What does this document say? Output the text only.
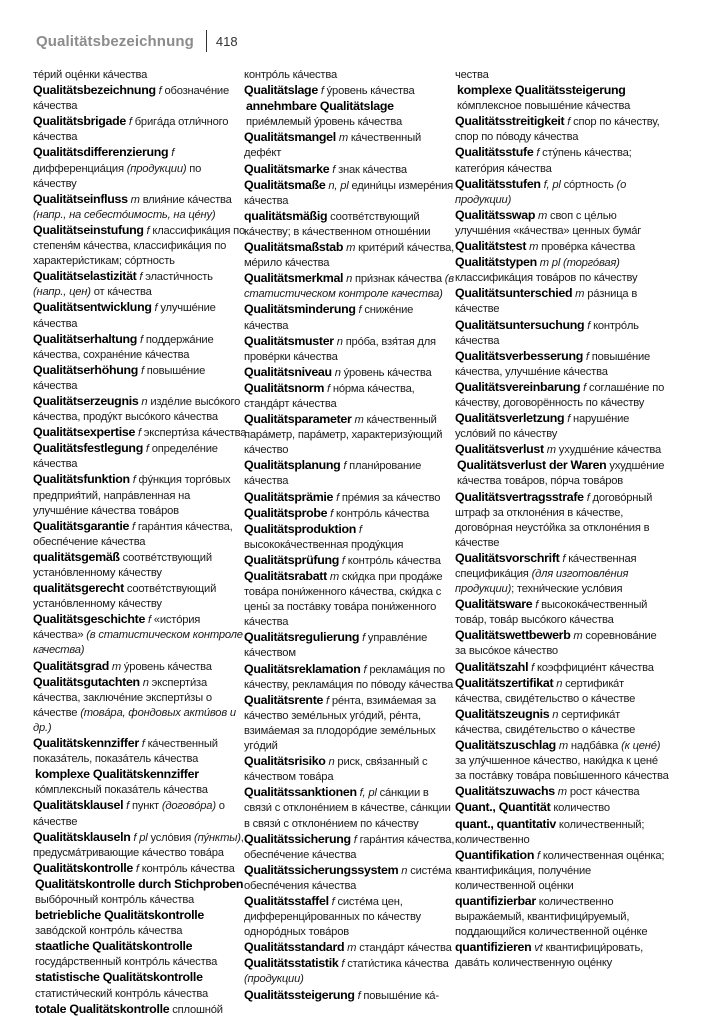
Qualitätsbezeichnung 418

тéрий оцéнки кáчества

Qualitätsbezeichnung f обозначéние кáчества

Qualitätsbrigade f бригáда отли́чного кáчества

Qualitätsdifferenzierung f дифференциáция (продукции) по кáчеству

Qualitätseinfluss m влия́ние кáчества (напр., на себестóимость, на цéну)

Qualitätseinstufung f классификáция по степеня́м кáчества, классификáция по характери́стикам; сóртность

Qualitätselastizität f эласти́чность (напр., цен) от кáчества

Qualitätsentwicklung f улучшéние кáчества

Qualitätserhaltung f поддержáние кáчества, сохранéние кáчества

Qualitätserhöhung f повышéние кáчества

Qualitätserzeugnis n издéлие высóкого кáчества, продýкт высóкого кáчества

Qualitätsexpertise f эксперти́за кáчества

Qualitätsfestlegung f определéние кáчества

Qualitätsfunktion f фýнкция торгóвых предприя́тий, напрáвленная на улучшéние кáчества товáров

Qualitätsgarantie f гарáнтия кáчества, обеспéчение кáчества

qualitätsgemäß соотвéтствующий устанóвленному кáчеству

qualitätsgerecht соотвéтствующий устанóвленному кáчеству

Qualitätsgeschichte f «истóрия кáчества» (в статистическом контроле качества)

Qualitätsgrad m ýровень кáчества

Qualitätsgutachten n эксперти́за кáчества, заключéние эксперти́зы о кáчестве (товáра, фондовых акти́вов и др.)

Qualitätskennziffer f кáчественный показáтель, показáтель кáчества

komplexe Qualitätskennziffer кóмплексный показáтель кáчества

Qualitätsklausel f пункт (договóра) о кáчестве

Qualitätsklauseln f pl услóвия (пýнкты), предусмáтривающие кáчество товáра

Qualitätskontrolle f контрóль кáчества

Qualitätskontrolle durch Stichproben выбóрочный контрóль кáчества

betriebliche Qualitätskontrolle завóдской контрóль кáчества

staatliche Qualitätskontrolle госудáрственный контрóль кáчества

statistische Qualitätskontrolle статисти́ческий контрóль кáчества

totale Qualitätskontrolle сплошнóй

контрóль кáчества

Qualitätslage f ýровень кáчества

annehmbare Qualitätslage приéмлемый ýровень кáчества

Qualitätsmangel m кáчественный дефéкт

Qualitätsmarke f знак кáчества

Qualitätsmaße n, pl едини́цы измерéния кáчества

qualitätsmäßig соотвéтствующий кáчеству; в кáчественном отношéнии

Qualitätsmaßstab m критéрий кáчества, мéрило кáчества

Qualitätsmerkmal n при́знак кáчества (в статистическом контроле качества)

Qualitätsminderung f снижéние кáчества

Qualitätsmuster n прóба, взя́тая для провéрки кáчества

Qualitätsniveau n ýровень кáчества

Qualitätsnorm f нóрма кáчества, стандáрт кáчества

Qualitätsparameter m кáчественный парáметр, парáметр, характеризýющий кáчество

Qualitätsplanung f плани́рование кáчества

Qualitätsprämie f прéмия за кáчество

Qualitätsprobe f контрóль кáчества

Qualitätsproduktion f высококáчественная продýкция

Qualitätsprüfung f контрóль кáчества

Qualitätsrabatt m ски́дка при продáже товáра пони́женного кáчества, ски́дка с цены́ за постáвку товáра пони́женного кáчества

Qualitätsregulierung f управлéние кáчеством

Qualitätsreklamation f рекламáция по кáчеству, рекламáция по пóводу кáчества

Qualitätsrente f рéнта, взимáемая за кáчество земéльных угóдий, рéнта, взимáемая за плодорóдие земéльных угóдий

Qualitätsrisiko n риск, свя́занный с кáчеством товáра

Qualitätssanktionen f, pl сáнкции в связи́ с отклонéнием в кáчестве, сáнкции в связи́ с отклонéнием по кáчеству

Qualitätssicherung f гарáнтия кáчества, обеспéчение кáчества

Qualitätssicherungssystem n систéма обеспéчения кáчества

Qualitätsstaffel f систéма цен, дифференци́рованных по кáчеству однорóдных товáров

Qualitätsstandard m стандáрт кáчества

Qualitätsstatistik f стати́стика кáчества (продукции)

Qualitätssteigerung f повышéние кá-

чества

komplexe Qualitätssteigerung кóмплексное повышéние кáчества

Qualitätsstreitigkeit f спор по кáчеству, спор по пóводу кáчества

Qualitätsstufe f стýпень кáчества; категóрия кáчества

Qualitätsstufen f, pl сóртность (о продукции)

Qualitätsswap m своп с цéлью улучшéния «кáчества» ценных бумáг

Qualitätstest m провéрка кáчества

Qualitätstypen m pl (торгóвая) классификáция товáров по кáчеству

Qualitätsunterschied m рáзница в кáчестве

Qualitätsuntersuchung f контрóль кáчества

Qualitätsverbesserung f повышéние кáчества, улучшéние кáчества

Qualitätsvereinbarung f соглашéние по кáчеству, договорённость по кáчеству

Qualitätsverletzung f нарушéние услóвий по кáчеству

Qualitätsverlust m ухудшéние кáчества

Qualitätsverlust der Waren ухудшéние кáчества товáров, пóрча товáров

Qualitätsvertragsstrafe f договóрный штраф за отклонéния в кáчестве, договóрная неустóйка за отклонéния в кáчестве

Qualitätsvorschrift f кáчественная специфика́ция (для изготовлéния продукции); техни́ческие услóвия

Qualitätsware f высококáчественный товáр, товáр высóкого кáчества

Qualitätswettbewerb m соревновáние за высóкое кáчество

Qualitätszahl f коэффициéнт кáчества

Qualitätszertifikat n сертификáт кáчества, свидéтельство о кáчестве

Qualitätszeugnis n сертификáт кáчества, свидéтельство о кáчестве

Qualitätszuschlag m надбáвка (к ценé) за улýчшенное кáчество, наки́дка к ценé за постáвку товáра повы́шенного кáчества

Qualitätszuwachs m рост кáчества

Quant., Quantität количество

quant., quantitativ количественный; количественно

Quantifikation f количественная оцéнка; квантификáция, получéние количественной оцéнки

quantifizierbar количественно выражáемый, квантифици́руемый, поддающийся количественной оцéнке

quantifizieren vt квантифици́ровать, давáть количественную оцéнку
